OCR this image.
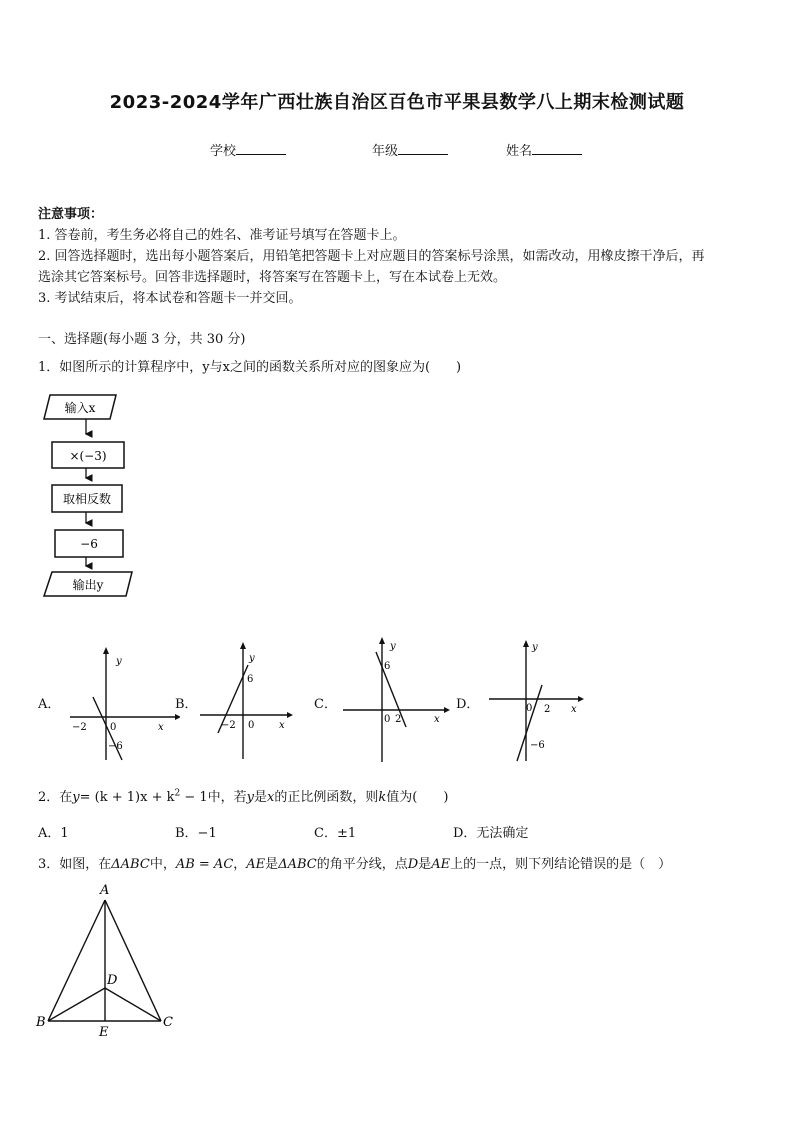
2023-2024学年广西壮族自治区百色市平果县数学八上期末检测试题
学校	年级	姓名
注意事项：
1. 答卷前，考生务必将自己的姓名、准考证号填写在答题卡上。
2. 回答选择题时，选出每小题答案后，用铅笔把答题卡上对应题目的答案标号涂黑，如需改动，用橡皮擦干净后，再
选涂其它答案标号。回答非选择题时，将答案写在答题卡上，写在本试卷上无效。
3. 考试结束后，将本试卷和答题卡一并交回。
一、选择题(每小题 3 分，共 30 分)
1．如图所示的计算程序中，y与x之间的函数关系所对应的图象应为(　　)
输入x
×(−3)
取相反数
−6
输出y
A．
y
x
0
−2
−6
B．
y
x
0
−2
6
C．
y
x
0 2
6
D．
y
x
0 2
−6
2．在$y= (k + 1)x + k^2 - 1$中，若y是x的正比例函数，则k值为(　　)
A．1	B．−1	C．±1	D．无法确定
3．如图，在ΔABC中，AB = AC，AE是ΔABC的角平分线，点D是AE上的一点，则下列结论错误的是（　）
A
B	C
D
E
